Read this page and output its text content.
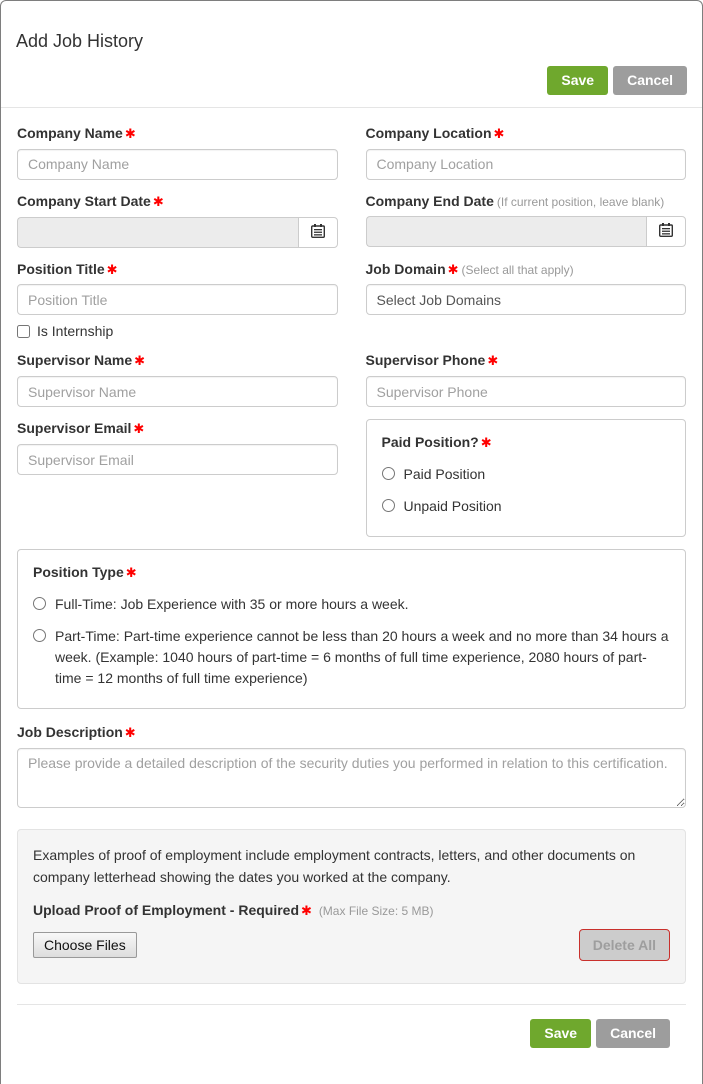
Add Job History
Save	Cancel
Company Name ✱
Company Name	Company Location ✱
Company Location
Company Start Date ✱	Company End Date (If current position, leave blank)
Position Title ✱
Position Title
Is Internship
Job Domain ✱ (Select all that apply)
Select Job Domains
Supervisor Name ✱
Supervisor Name	Supervisor Phone ✱
Supervisor Phone
Supervisor Email ✱
Supervisor Email
Paid Position? ✱
Paid Position
Unpaid Position
Position Type ✱
Full-Time: Job Experience with 35 or more hours a week.
Part-Time: Part-time experience cannot be less than 20 hours a week and no more than 34 hours a week. (Example: 1040 hours of part-time = 6 months of full time experience, 2080 hours of part-time = 12 months of full time experience)
Job Description ✱
Please provide a detailed description of the security duties you performed in relation to this certification.
Examples of proof of employment include employment contracts, letters, and other documents on company letterhead showing the dates you worked at the company.
Upload Proof of Employment - Required ✱ (Max File Size: 5 MB)
Choose Files	Delete All
Save	Cancel
